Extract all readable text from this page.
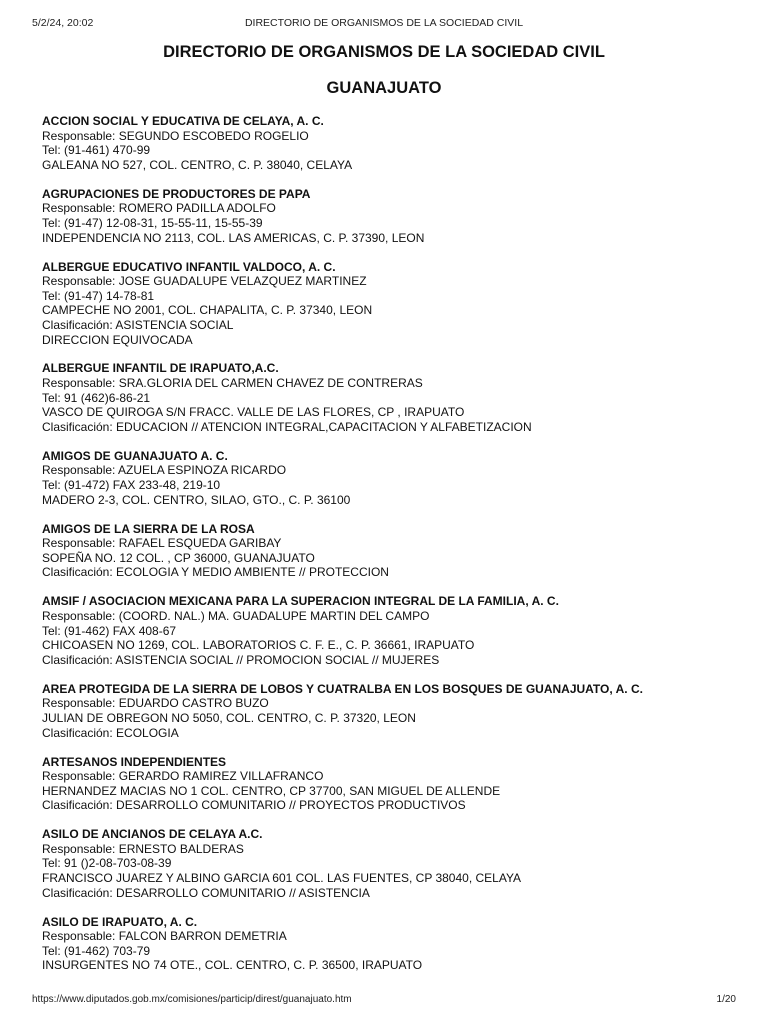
5/2/24, 20:02	DIRECTORIO DE ORGANISMOS DE LA SOCIEDAD CIVIL
DIRECTORIO DE ORGANISMOS DE LA SOCIEDAD CIVIL
GUANAJUATO
ACCION SOCIAL Y EDUCATIVA DE CELAYA, A. C.
Responsable: SEGUNDO ESCOBEDO ROGELIO
Tel: (91-461) 470-99
GALEANA NO 527, COL. CENTRO, C. P. 38040, CELAYA
AGRUPACIONES DE PRODUCTORES DE PAPA
Responsable: ROMERO PADILLA ADOLFO
Tel: (91-47) 12-08-31, 15-55-11, 15-55-39
INDEPENDENCIA NO 2113, COL. LAS AMERICAS, C. P. 37390, LEON
ALBERGUE EDUCATIVO INFANTIL VALDOCO, A. C.
Responsable: JOSE GUADALUPE VELAZQUEZ MARTINEZ
Tel: (91-47) 14-78-81
CAMPECHE NO 2001, COL. CHAPALITA, C. P. 37340, LEON
Clasificación: ASISTENCIA SOCIAL
DIRECCION EQUIVOCADA
ALBERGUE INFANTIL DE IRAPUATO,A.C.
Responsable: SRA.GLORIA DEL CARMEN CHAVEZ DE CONTRERAS
Tel: 91 (462)6-86-21
VASCO DE QUIROGA S/N FRACC. VALLE DE LAS FLORES, CP , IRAPUATO
Clasificación: EDUCACION // ATENCION INTEGRAL,CAPACITACION Y ALFABETIZACION
AMIGOS DE GUANAJUATO A. C.
Responsable: AZUELA ESPINOZA RICARDO
Tel: (91-472) FAX 233-48, 219-10
MADERO 2-3, COL. CENTRO, SILAO, GTO., C. P. 36100
AMIGOS DE LA SIERRA DE LA ROSA
Responsable: RAFAEL ESQUEDA GARIBAY
SOPEÑA NO. 12 COL. , CP 36000, GUANAJUATO
Clasificación: ECOLOGIA Y MEDIO AMBIENTE // PROTECCION
AMSIF / ASOCIACION MEXICANA PARA LA SUPERACION INTEGRAL DE LA FAMILIA, A. C.
Responsable: (COORD. NAL.) MA. GUADALUPE MARTIN DEL CAMPO
Tel: (91-462) FAX 408-67
CHICOASEN NO 1269, COL. LABORATORIOS C. F. E., C. P. 36661, IRAPUATO
Clasificación: ASISTENCIA SOCIAL // PROMOCION SOCIAL // MUJERES
AREA PROTEGIDA DE LA SIERRA DE LOBOS Y CUATRALBA EN LOS BOSQUES DE GUANAJUATO, A. C.
Responsable: EDUARDO CASTRO BUZO
JULIAN DE OBREGON NO 5050, COL. CENTRO, C. P. 37320, LEON
Clasificación: ECOLOGIA
ARTESANOS INDEPENDIENTES
Responsable: GERARDO RAMIREZ VILLAFRANCO
HERNANDEZ MACIAS NO 1 COL. CENTRO, CP 37700, SAN MIGUEL DE ALLENDE
Clasificación: DESARROLLO COMUNITARIO // PROYECTOS PRODUCTIVOS
ASILO DE ANCIANOS DE CELAYA A.C.
Responsable: ERNESTO BALDERAS
Tel: 91 ()2-08-703-08-39
FRANCISCO JUAREZ Y ALBINO GARCIA 601 COL. LAS FUENTES, CP 38040, CELAYA
Clasificación: DESARROLLO COMUNITARIO // ASISTENCIA
ASILO DE IRAPUATO, A. C.
Responsable: FALCON BARRON DEMETRIA
Tel: (91-462) 703-79
INSURGENTES NO 74 OTE., COL. CENTRO, C. P. 36500, IRAPUATO
https://www.diputados.gob.mx/comisiones/particip/direst/guanajuato.htm	1/20
